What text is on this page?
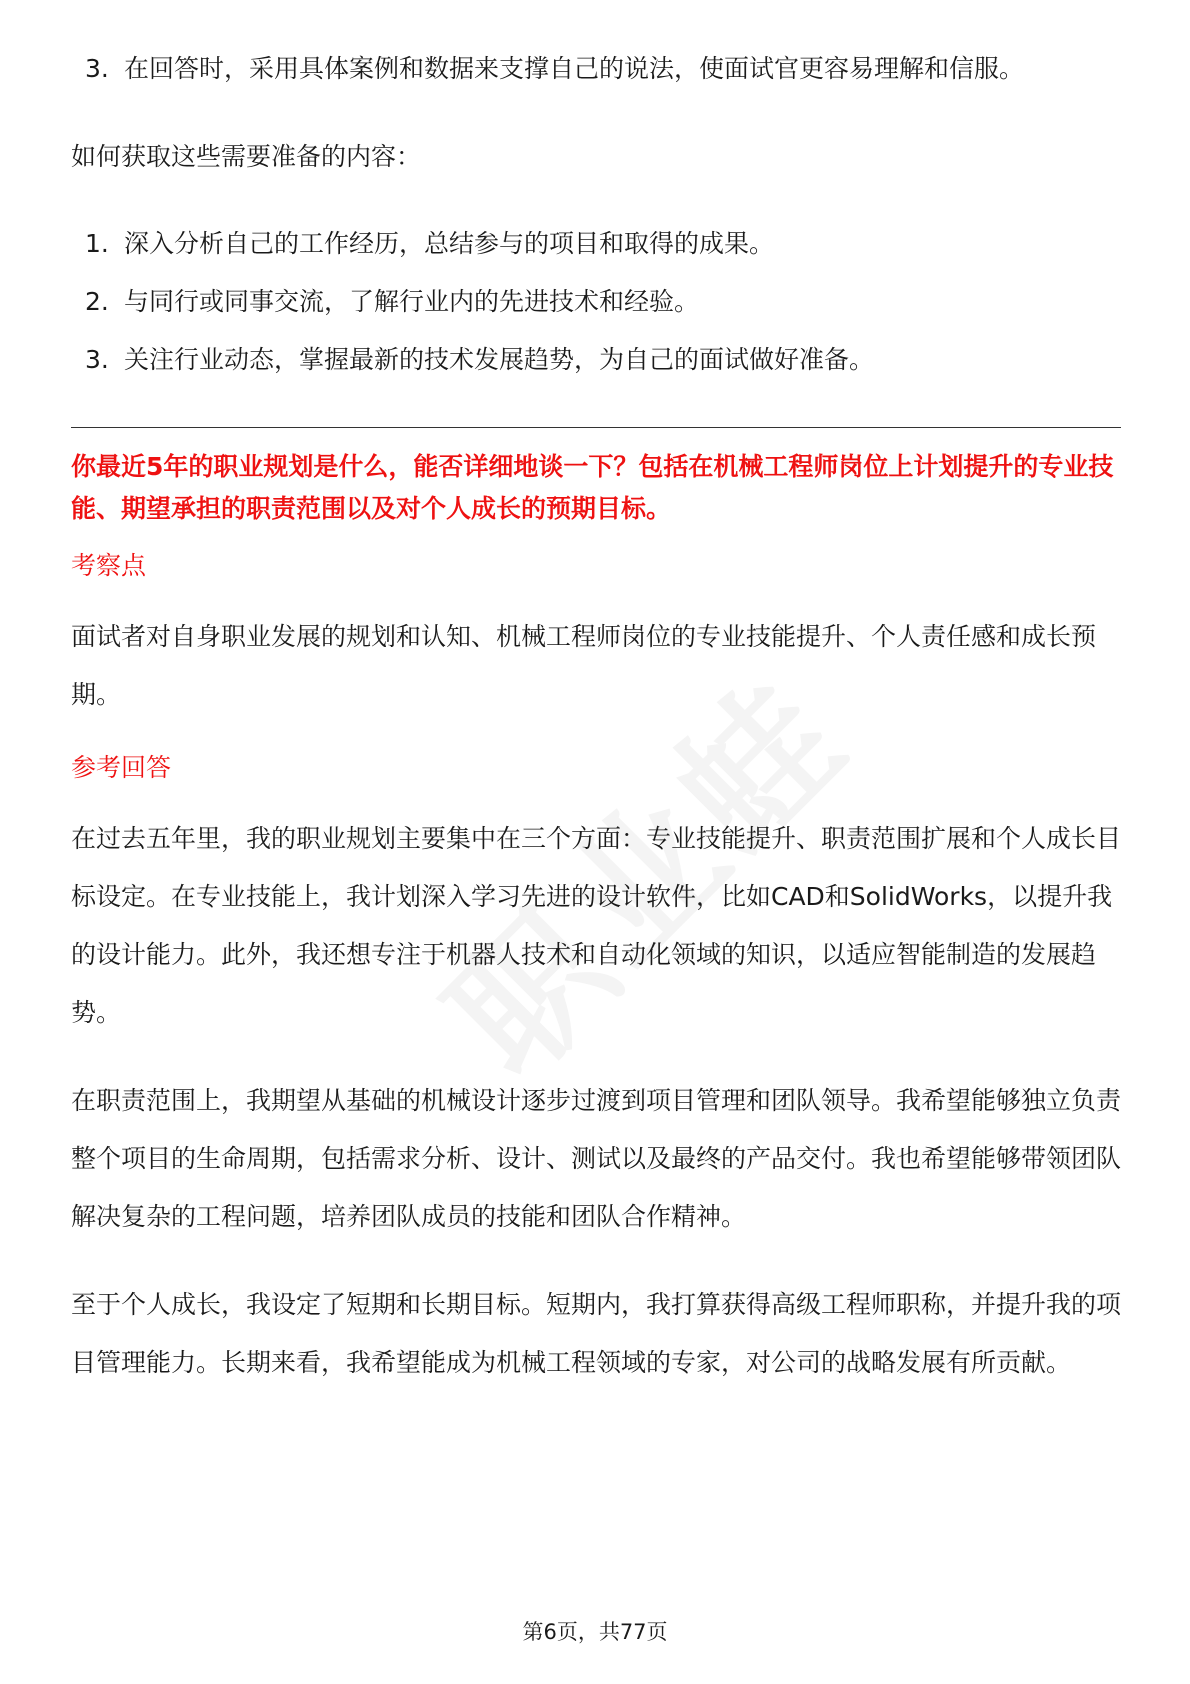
3. 在回答时，采用具体案例和数据来支撑自己的说法，使面试官更容易理解和信服。

如何获取这些需要准备的内容：

1. 深入分析自己的工作经历，总结参与的项目和取得的成果。
2. 与同行或同事交流，了解行业内的先进技术和经验。
3. 关注行业动态，掌握最新的技术发展趋势，为自己的面试做好准备。

你最近5年的职业规划是什么，能否详细地谈一下？包括在机械工程师岗位上计划提升的专业技能、期望承担的职责范围以及对个人成长的预期目标。

考察点

面试者对自身职业发展的规划和认知、机械工程师岗位的专业技能提升、个人责任感和成长预期。

参考回答

在过去五年里，我的职业规划主要集中在三个方面：专业技能提升、职责范围扩展和个人成长目标设定。在专业技能上，我计划深入学习先进的设计软件，比如CAD和SolidWorks，以提升我的设计能力。此外，我还想专注于机器人技术和自动化领域的知识，以适应智能制造的发展趋势。

在职责范围上，我期望从基础的机械设计逐步过渡到项目管理和团队领导。我希望能够独立负责整个项目的生命周期，包括需求分析、设计、测试以及最终的产品交付。我也希望能够带领团队解决复杂的工程问题，培养团队成员的技能和团队合作精神。

至于个人成长，我设定了短期和长期目标。短期内，我打算获得高级工程师职称，并提升我的项目管理能力。长期来看，我希望能成为机械工程领域的专家，对公司的战略发展有所贡献。

第6页，共77页
